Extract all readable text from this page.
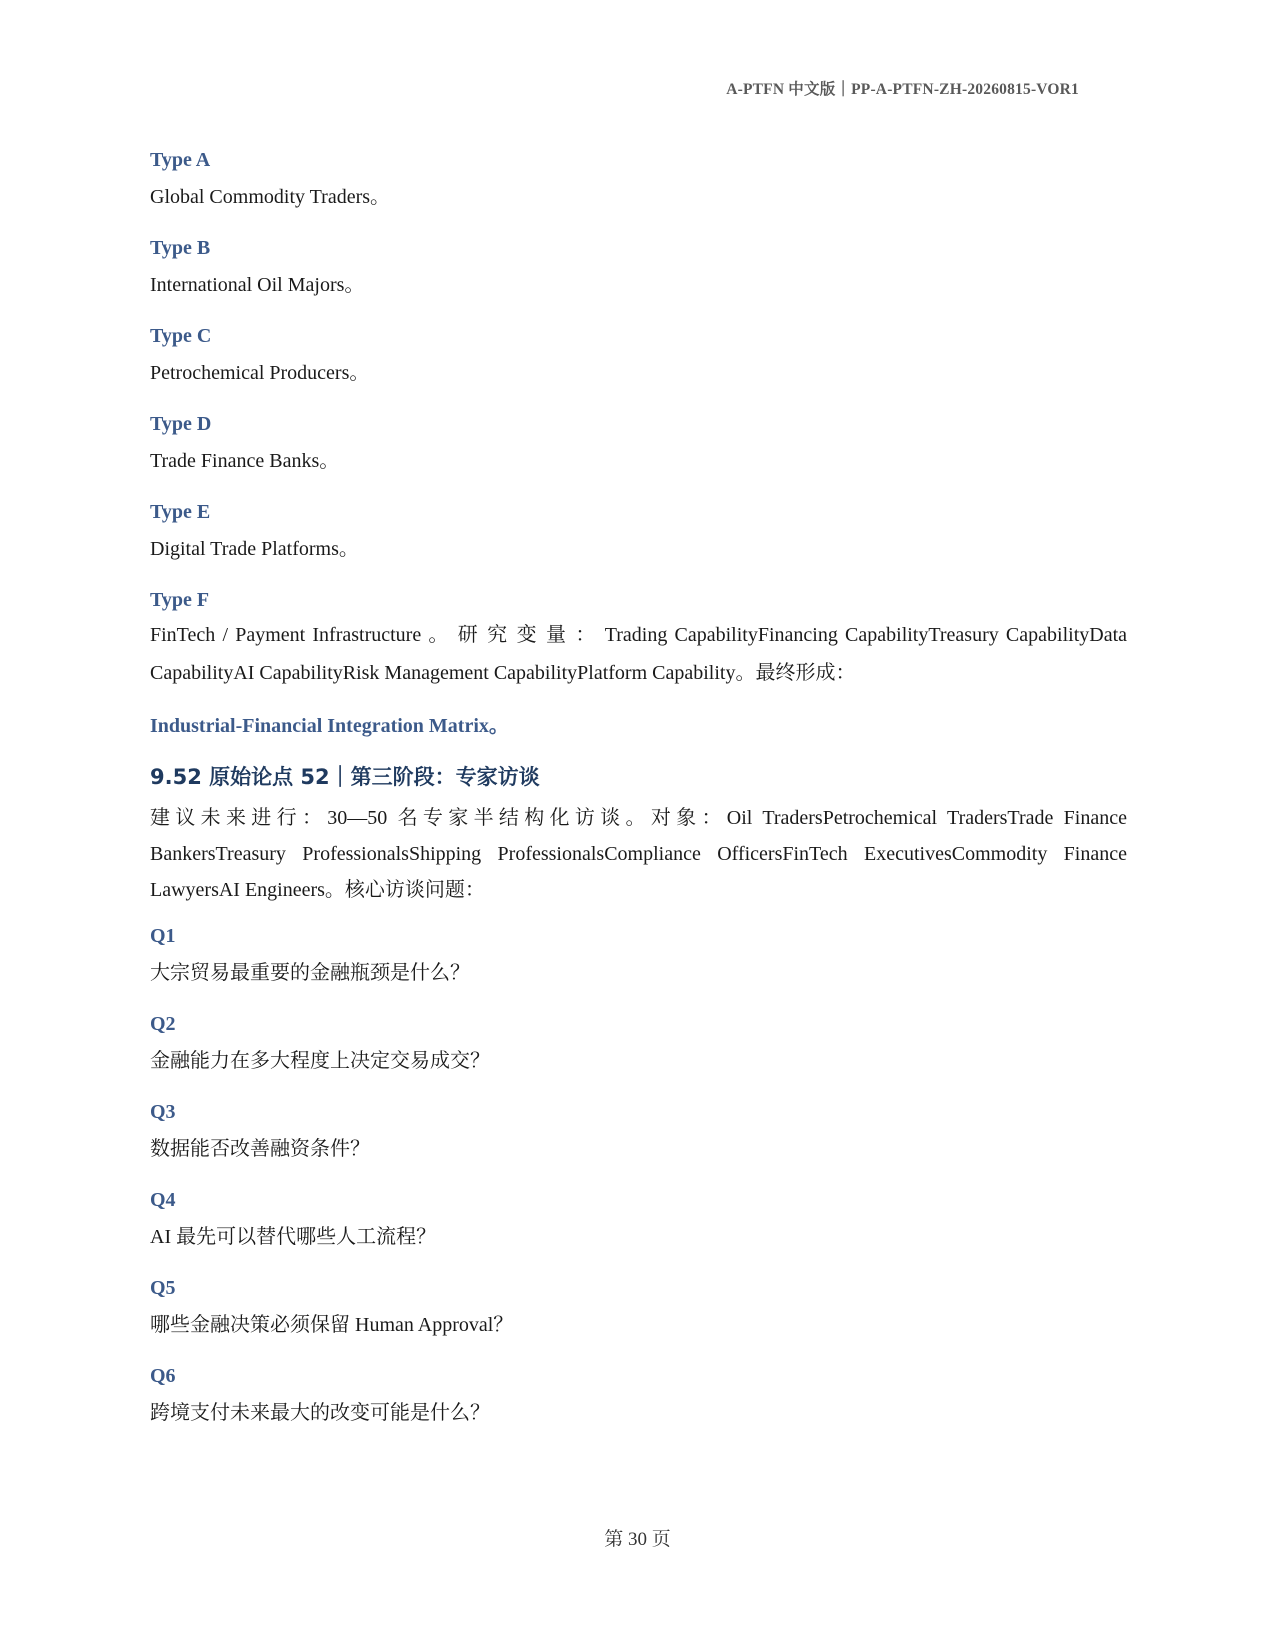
A-PTFN 中文版｜PP-A-PTFN-ZH-20260815-VOR1
Type A
Global Commodity Traders。
Type B
International Oil Majors。
Type C
Petrochemical Producers。
Type D
Trade Finance Banks。
Type E
Digital Trade Platforms。
Type F
FinTech / Payment Infrastructure 。 研 究 变 量 ： Trading CapabilityFinancing CapabilityTreasury CapabilityData CapabilityAI CapabilityRisk Management CapabilityPlatform Capability。最终形成：
Industrial-Financial Integration Matrix。
9.52 原始论点 52｜第三阶段：专家访谈
建议未来进行：30—50 名专家半结构化访谈。对象：Oil TradersPetrochemical TradersTrade Finance BankersTreasury ProfessionalsShipping ProfessionalsCompliance OfficersFinTech ExecutivesCommodity Finance LawyersAI Engineers。核心访谈问题：
Q1
大宗贸易最重要的金融瓶颈是什么？
Q2
金融能力在多大程度上决定交易成交？
Q3
数据能否改善融资条件？
Q4
AI 最先可以替代哪些人工流程？
Q5
哪些金融决策必须保留 Human Approval？
Q6
跨境支付未来最大的改变可能是什么？
第 30 页
